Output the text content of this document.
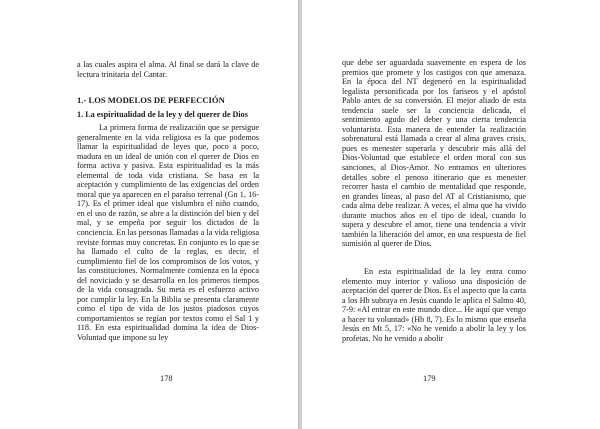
a las cuales aspira el alma. Al final se dará la clave de lectura trinitaria del Cantar.
1.- LOS MODELOS DE PERFECCIÓN
1. La espiritualidad de la ley y del querer de Dios

La primera forma de realización que se persigue generalmente en la vida religiosa es la que podemos llamar la espiritualidad de leyes que, poco a poco, madura en un ideal de unión con el querer de Dios en forma activa y pasiva. Esta espiritualidad es la más elemental de toda vida cristiana. Se basa en la aceptación y cumplimiento de las exigencias del orden moral que ya aparecen en el paraíso terrenal (Gn 1, 16-17). Es el primer ideal que vislumbra el niño cuando, en el uso de razón, se abre a la distinción del bien y del mal, y se empeña por seguir los dictados de la conciencia. En las personas llamadas a la vida religiosa reviste formas muy concretas. En conjunto es lo que se ha llamado el culto de la reglas, es decir, el cumplimiento fiel de los compromisos de los votos, y las constituciones. Normalmente comienza en la época del noviciado y se desarrolla en los primeros tiempos de la vida consagrada. Su meta es el esfuerzo activo por cumplir la ley. En la Biblia se presenta claramente como el tipo de vida de los justos piadosos cuyos comportamientos se regían por textos como el Sal 1 y 118. En esta espiritualidad domina la idea de Dios-Voluntad que impone su ley

178

que debe ser aguardada suavemente en espera de los premios que promete y los castigos con que amenaza. En la época del NT degeneró en la espiritualidad legalista personificada por los fariseos y el apóstol Pablo antes de su conversión. El mejor aliado de esta tendencia suele ser la conciencia delicada, el sentimiento agudo del deber y una cierta tendencia voluntarista. Esta manera de entender la realización sobrenatural está llamada a crear al alma graves crisis, pues es menester superarla y descubrir más allá del Dios-Voluntad que establece el orden moral con sus sanciones, al Dios-Amor. No entramos en ulteriores detalles sobre el penoso itinerario que es menester recorrer hasta el cambio de mentalidad que responde, en grandes líneas, al paso del AT al Cristianismo, que cada alma debe realizar. A veces, el alma que ha vivido durante muchos años en el tipo de ideal, cuando lo supera y descubre el amor, tiene una tendencia a vivir también la liberación del amor, en una respuesta de fiel sumisión al querer de Dios.

En esta espiritualidad de la ley entra como elemento muy interior y valioso una disposición de aceptación del querer de Dios. Es el aspecto que la carta a los Hb subraya en Jesús cuando le aplica el Salmo 40, 7-9: «Al entrar en este mundo dice... He aquí que vengo a hacer tu voluntad» (Hb 8, 7). Es lo mismo que enseña Jesús en Mt 5, 17: «No he venido a abolir la ley y los profetas. No he venido a abolir

179
